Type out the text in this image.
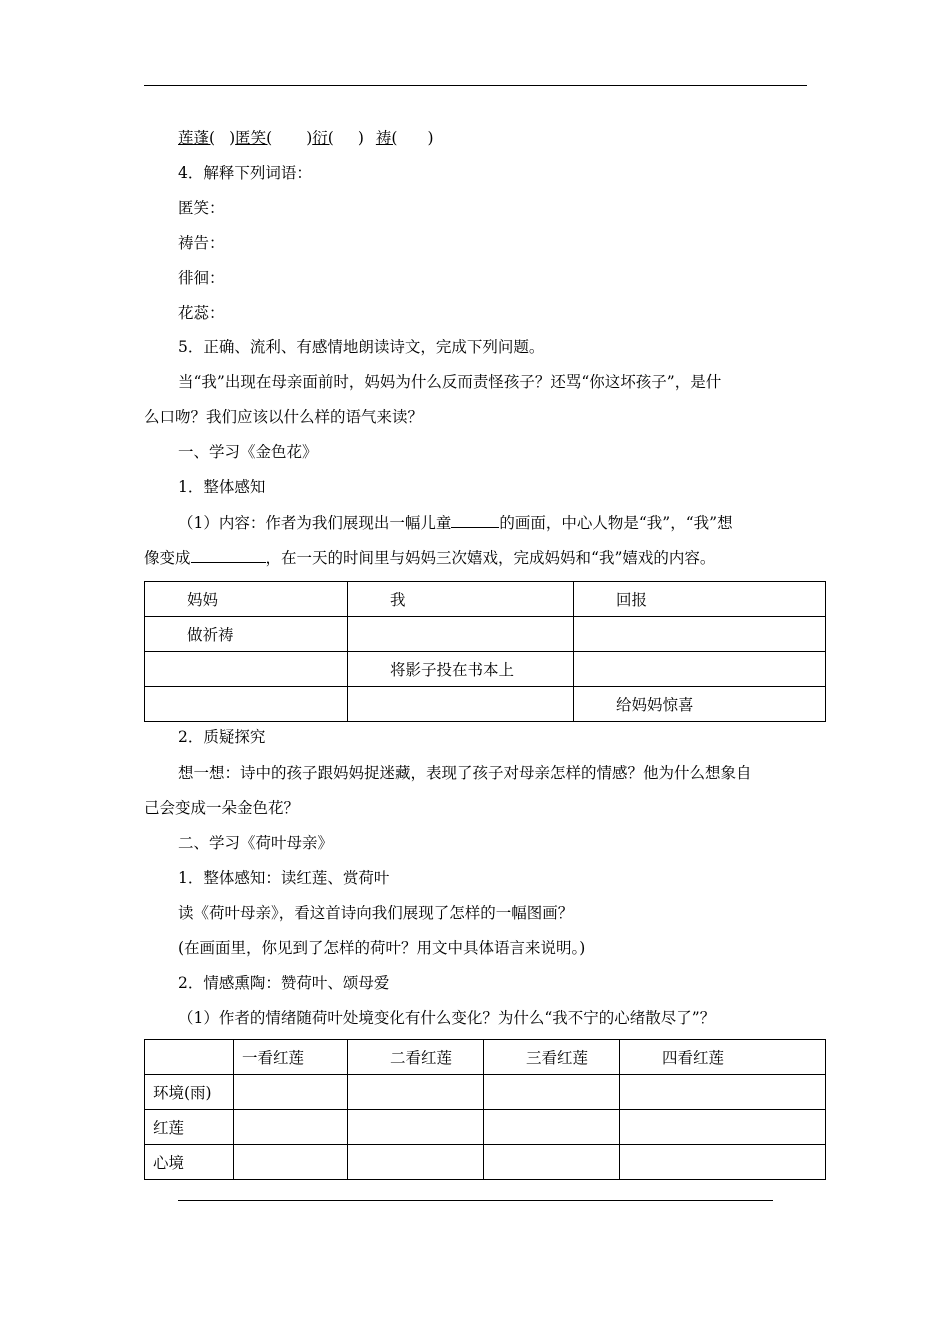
莲蓬( )匿笑( )衍( ) 祷( )
4．解释下列词语：
匿笑：
祷告：
徘徊：
花蕊：
5．正确、流利、有感情地朗读诗文，完成下列问题。
当“我”出现在母亲面前时，妈妈为什么反而责怪孩子？还骂“你这坏孩子”，是什
么口吻？我们应该以什么样的语气来读？
一、学习《金色花》
1．整体感知
（1）内容：作者为我们展现出一幅儿童	的画面，中心人物是“我”，“我”想
像变成	，在一天的时间里与妈妈三次嬉戏，完成妈妈和“我”嬉戏的内容。
妈妈	我	回报
做祈祷		
	将影子投在书本上	
		给妈妈惊喜
2．质疑探究
想一想：诗中的孩子跟妈妈捉迷藏，表现了孩子对母亲怎样的情感？他为什么想象自
己会变成一朵金色花？
二、学习《荷叶母亲》
1．整体感知：读红莲、赏荷叶
读《荷叶母亲》，看这首诗向我们展现了怎样的一幅图画？
(在画面里，你见到了怎样的荷叶？用文中具体语言来说明。)
2．情感熏陶：赞荷叶、颂母爱
（1）作者的情绪随荷叶处境变化有什么变化？为什么“我不宁的心绪散尽了”？
	一看红莲	二看红莲	三看红莲	四看红莲
环境(雨)				
红莲				
心境				
